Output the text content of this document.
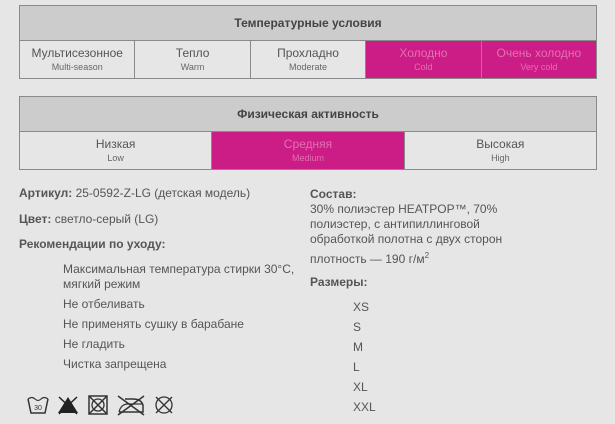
Температурные условия
Мультисезонное
Multi-season
Тепло
Warm
Прохладно
Moderate
Холодно
Cold
Очень холодно
Very cold
Физическая активность
Низкая
Low
Средняя
Medium
Высокая
High
Артикул: 25-0592-Z-LG (детская модель)
Цвет: светло-серый (LG)
Рекомендации по уходу:
Максимальная температура стирки 30°C, мягкий режим
Не отбеливать
Не применять сушку в барабане
Не гладить
Чистка запрещена
30
Состав:
30% полиэстер HEATPOP™, 70%
полиэстер, с антипиллинговой
обработкой полотна с двух сторон
плотность — 190 $г/м^2$
Размеры:
XS
S
M
L
XL
XXL
